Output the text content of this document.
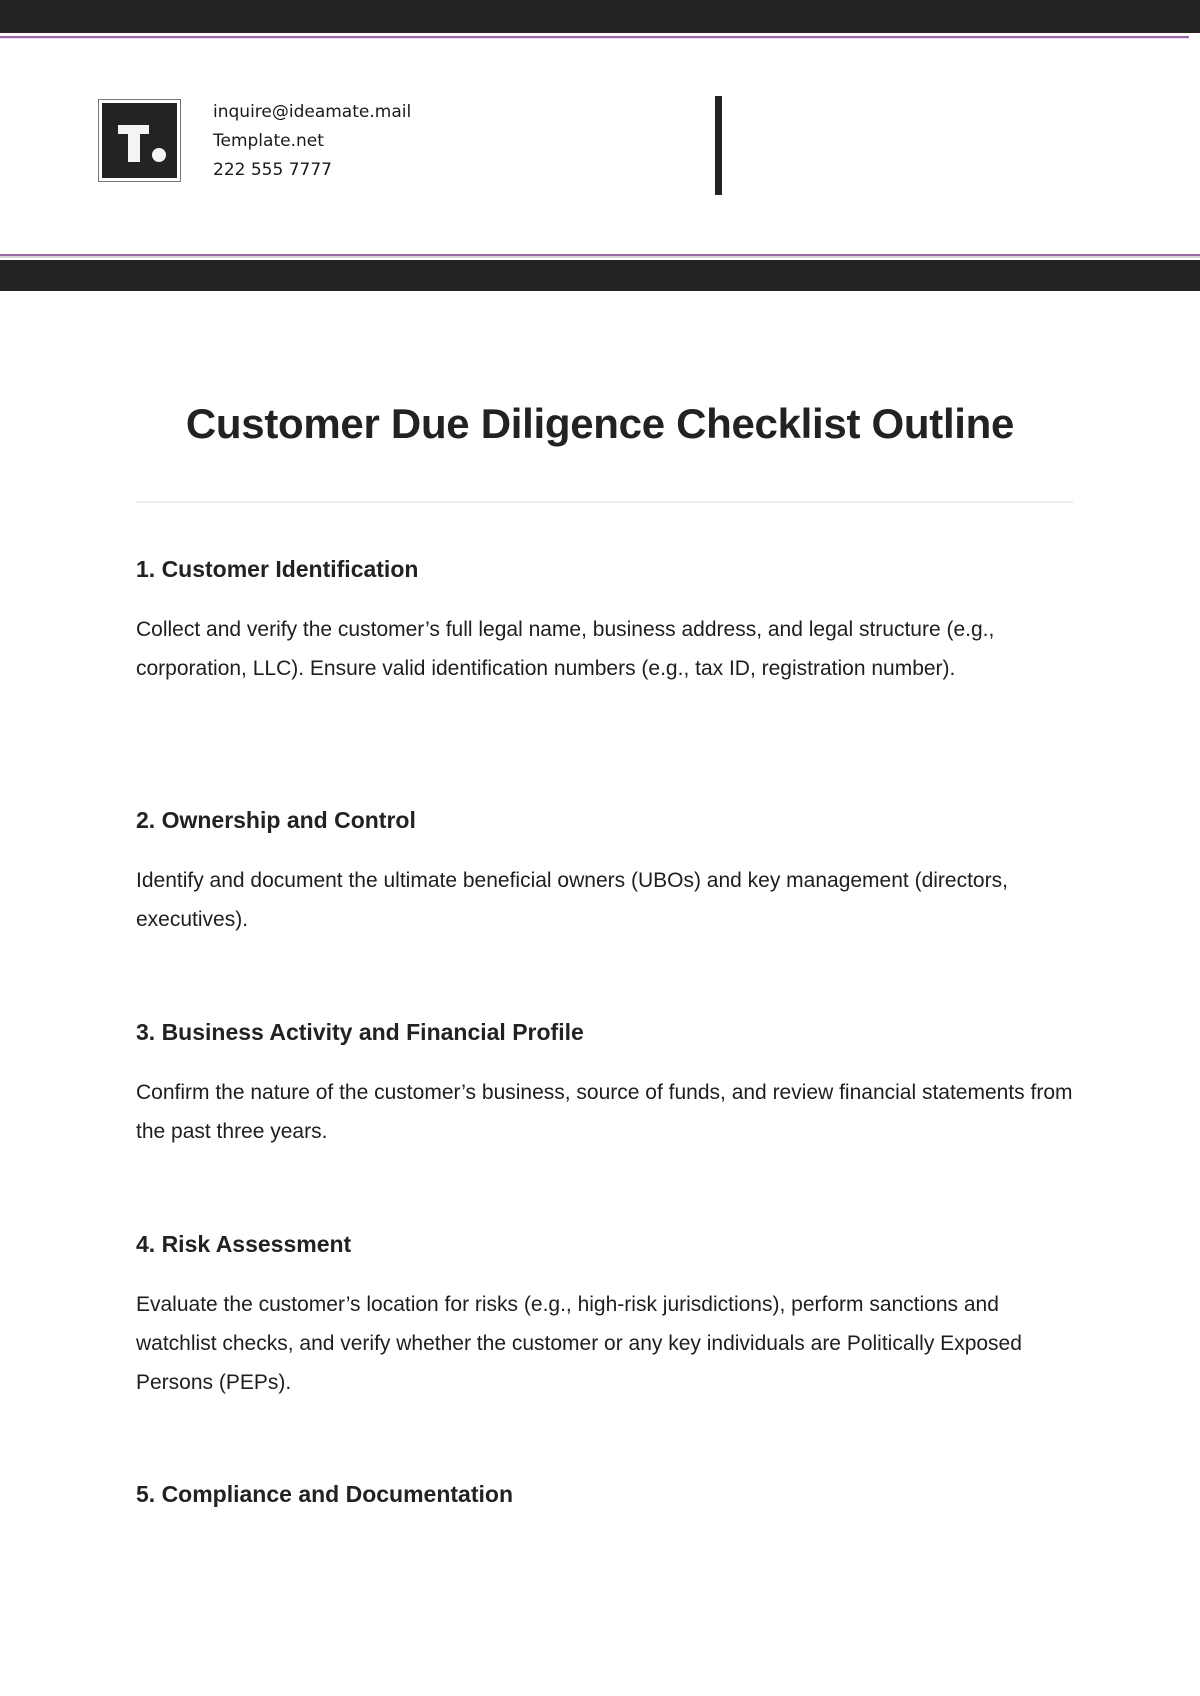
inquire@ideamate.mail
Template.net
222 555 7777
Customer Due Diligence Checklist Outline
1. Customer Identification

Collect and verify the customer’s full legal name, business address, and legal structure (e.g., corporation, LLC). Ensure valid identification numbers (e.g., tax ID, registration number).

2. Ownership and Control

Identify and document the ultimate beneficial owners (UBOs) and key management (directors, executives).

3. Business Activity and Financial Profile

Confirm the nature of the customer’s business, source of funds, and review financial statements from the past three years.

4. Risk Assessment

Evaluate the customer’s location for risks (e.g., high-risk jurisdictions), perform sanctions and watchlist checks, and verify whether the customer or any key individuals are Politically Exposed Persons (PEPs).

5. Compliance and Documentation
